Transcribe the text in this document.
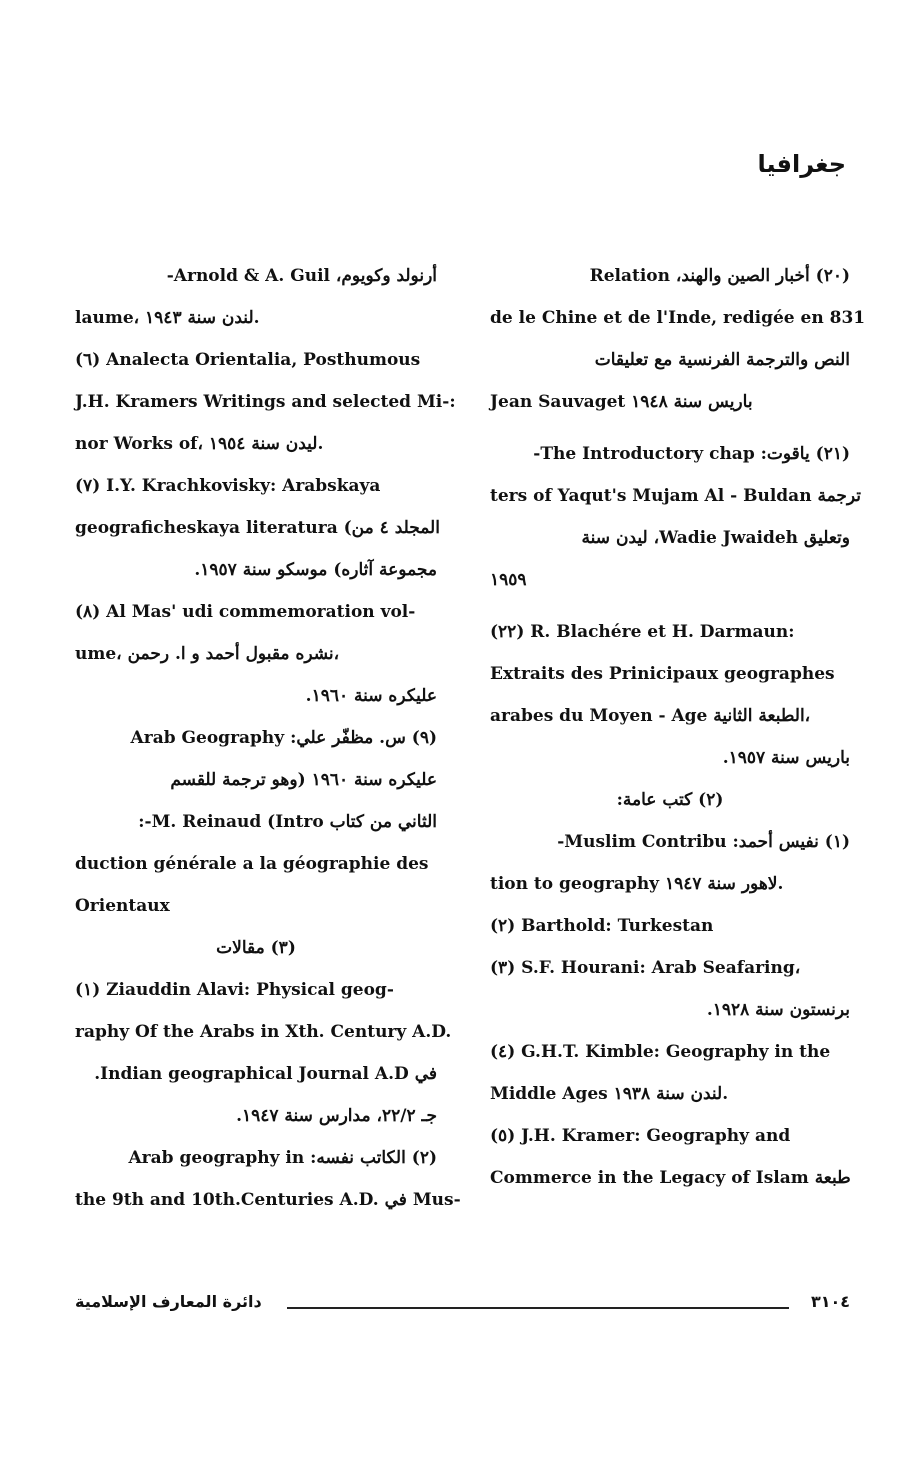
جغرافيا
(٢٠) أخبار الصين والهند، Relation
de le Chine et de l'Inde, redigée en 831
النص والترجمة الفرنسية مع تعليقات
Jean Sauvaget باريس سنة ١٩٤٨
(٢١) ياقوت: The Introductory chap-
ters of Yaqut's Mujam Al - Buldan ترجمة
وتعليق Wadie Jwaideh، ليدن سنة
١٩٥٩
(٢٢) R. Blachére et H. Darmaun:
Extraits des Prinicipaux geographes
arabes du Moyen - Age الطبعة الثانية،
باريس سنة ١٩٥٧.
(٢) كتب عامة:
(١) نفيس أحمد: Muslim Contribu-
tion to geography لاهور سنة ١٩٤٧.
(٢) Barthold: Turkestan
(٣) S.F. Hourani: Arab Seafaring،
برنستون سنة ١٩٢٨.
(٤) G.H.T. Kimble: Geography in the
Middle Ages لندن سنة ١٩٣٨.
(٥) J.H. Kramer: Geography and
Commerce in the Legacy of Islam طبعة
أرنولد وكويوم، Arnold & A. Guil-
laume، لندن سنة ١٩٤٣.
(٦) Analecta Orientalia, Posthumous
J.H. Kramers Writings and selected Mi-:
nor Works of، ليدن سنة ١٩٥٤.
(٧) I.Y. Krachkovisky: Arabskaya
geograficheskaya literatura (المجلد ٤ من
مجموعة آثاره) موسكو سنة ١٩٥٧.
(٨) Al Mas' udi commemoration vol-
ume، نشره مقبول أحمد و ا. رحمن،
عليكره سنة ١٩٦٠.
(٩) س. مظفّر علي: Arab Geography
عليكره سنة ١٩٦٠ (وهو ترجمة للقسم
الثاني من كتاب M. Reinaud (Intro-:
duction générale a la géographie des
Orientaux
(٣) مقالات
(١) Ziauddin Alavi: Physical geog-
raphy Of the Arabs in Xth. Century A.D.
في Indian geographical Journal A.D.
جـ ٢٢/٢، مدارس سنة ١٩٤٧.
(٢) الكاتب نفسه: Arab geography in
the 9th and 10th.Centuries A.D. في Mus-
دائرة المعارف الإسلامية	٣١٠٤
